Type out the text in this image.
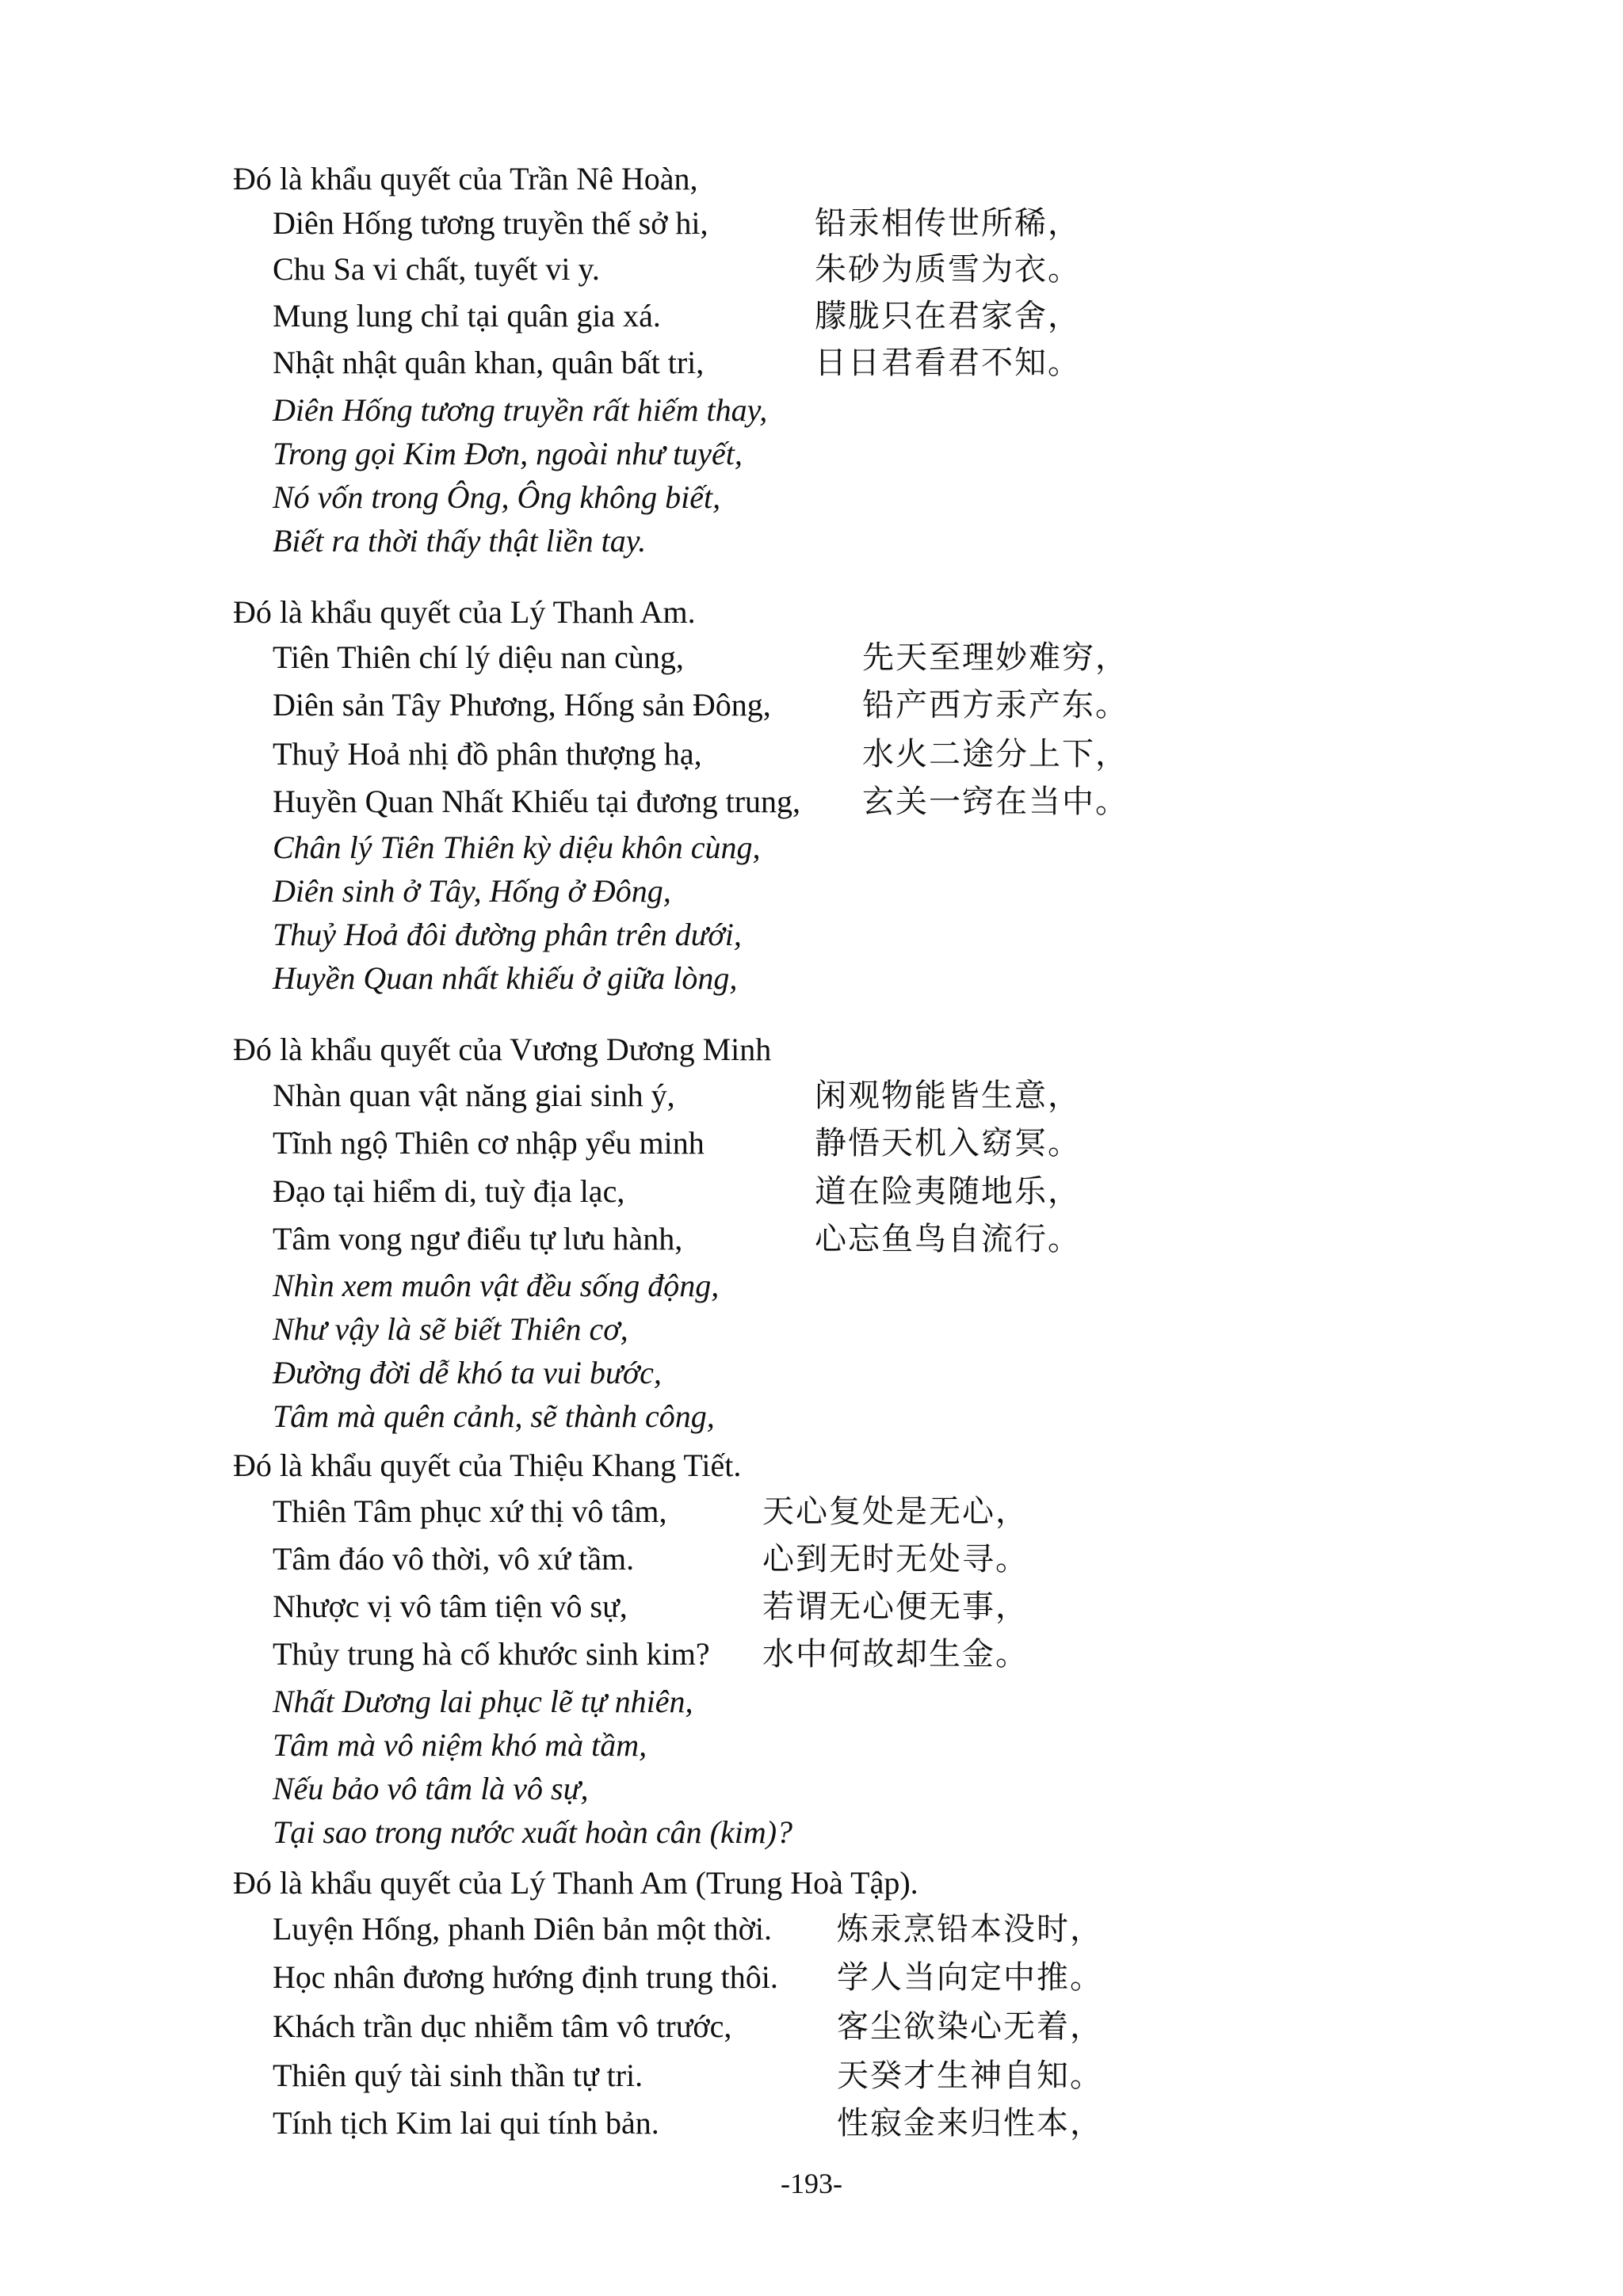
Đó là khẩu quyết của Trần Nê Hoàn,
Diên Hống tương truyền thế sở hi,	铅汞相传世所稀，
Chu Sa vi chất, tuyết vi y.	朱砂为质雪为衣。
Mung lung chỉ tại quân gia xá.	朦胧只在君家舍，
Nhật nhật quân khan, quân bất tri,	日日君看君不知。
Diên Hống tương truyền rất hiếm thay,
Trong gọi Kim Đơn, ngoài như tuyết,
Nó vốn trong Ông, Ông không biết,
Biết ra thời thấy thật liền tay.
Đó là khẩu quyết của Lý Thanh Am.
Tiên Thiên chí lý diệu nan cùng,	先天至理妙难穷，
Diên sản Tây Phương, Hống sản Đông,	铅产西方汞产东。
Thuỷ Hoả nhị đồ phân thượng hạ,	水火二途分上下，
Huyền Quan Nhất Khiếu tại đương trung, 玄关一窍在当中。
Chân lý Tiên Thiên kỳ diệu khôn cùng,
Diên sinh ở Tây, Hống ở Đông,
Thuỷ Hoả đôi đường phân trên dưới,
Huyền Quan nhất khiếu ở giữa lòng,
Đó là khẩu quyết của Vương Dương Minh
Nhàn quan vật năng giai sinh ý,	闲观物能皆生意，
Tĩnh ngộ Thiên cơ nhập yểu minh	静悟天机入窈冥。
Đạo tại hiểm di, tuỳ địa lạc,	道在险夷随地乐，
Tâm vong ngư điểu tự lưu hành,	心忘鱼鸟自流行。
Nhìn xem muôn vật đều sống động,
Như vậy là sẽ biết Thiên cơ,
Đường đời dễ khó ta vui bước,
Tâm mà quên cảnh, sẽ thành công,
Đó là khẩu quyết của Thiệu Khang Tiết.
Thiên Tâm phục xứ thị vô tâm,	天心复处是无心，
Tâm đáo vô thời, vô xứ tầm.	心到无时无处寻。
Nhược vị vô tâm tiện vô sự,	若谓无心便无事，
Thủy trung hà cố khước sinh kim? 水中何故却生金。
Nhất Dương lai phục lẽ tự nhiên,
Tâm mà vô niệm khó mà tầm,
Nếu bảo vô tâm là vô sự,
Tại sao trong nước xuất hoàn cân (kim)?
Đó là khẩu quyết của Lý Thanh Am (Trung Hoà Tập).
Luyện Hống, phanh Diên bản một thời. 炼汞烹铅本没时，
Học nhân đương hướng định trung thôi. 学人当向定中推。
Khách trần dục nhiễm tâm vô trước,	客尘欲染心无着，
Thiên quý tài sinh thần tự tri.	天癸才生神自知。
Tính tịch Kim lai qui tính bản.	性寂金来归性本，
-193-
